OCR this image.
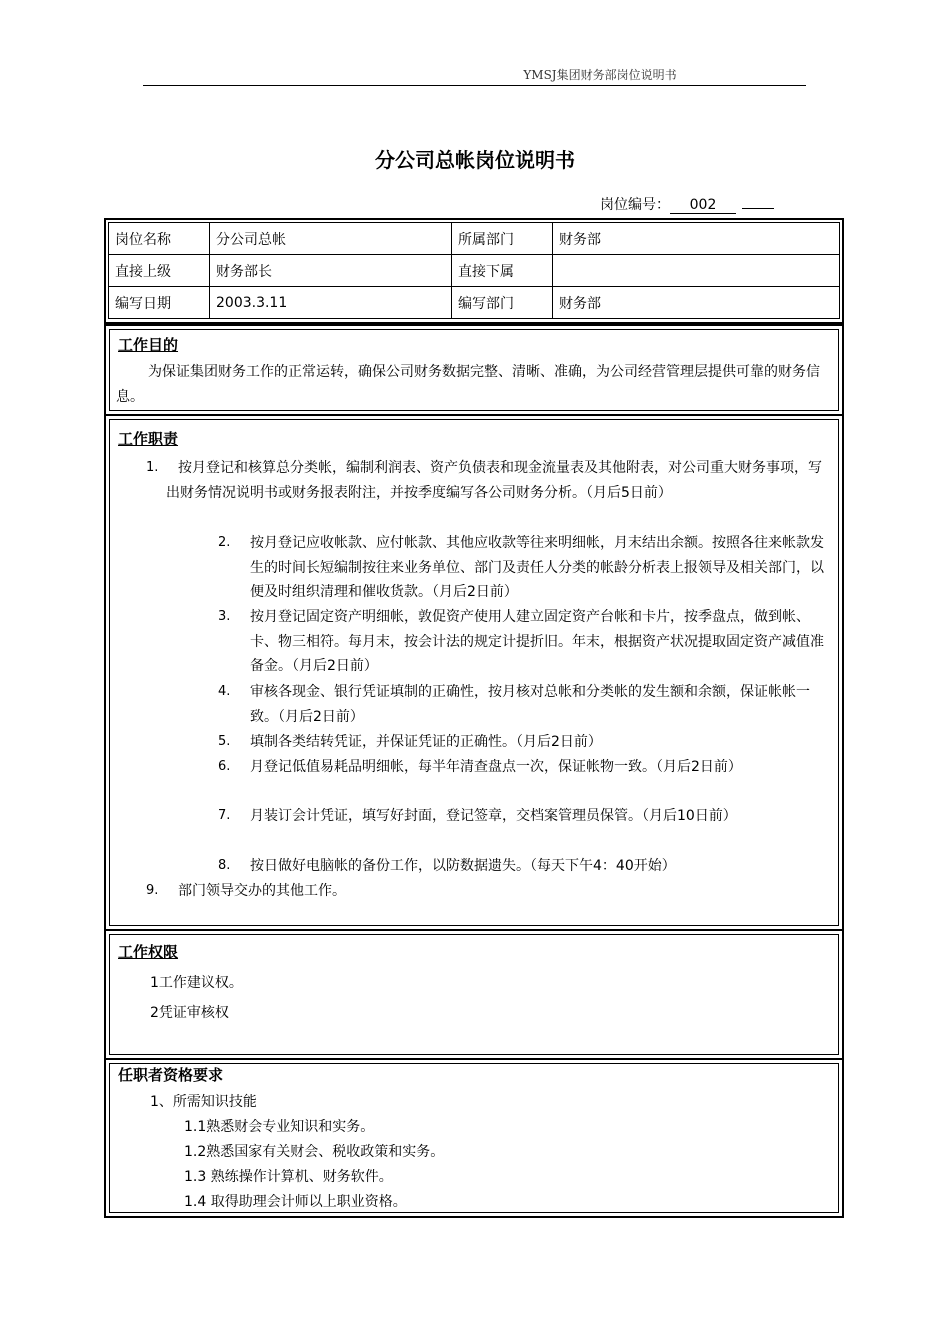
YMSJ集团财务部岗位说明书
分公司总帐岗位说明书
岗位编号： 002
岗位名称	分公司总帐	所属部门	财务部
直接上级	财务部长	直接下属	
编写日期	2003.3.11	编写部门	财务部
工作目的
为保证集团财务工作的正常运转，确保公司财务数据完整、清晰、准确，为公司经营管理层提供可靠的财务信息。
工作职责
1.	按月登记和核算总分类帐，编制利润表、资产负债表和现金流量表及其他附表，对公司重大财务事项，写出财务情况说明书或财务报表附注，并按季度编写各公司财务分析。（月后5日前）
2. 按月登记应收帐款、应付帐款、其他应收款等往来明细帐，月末结出余额。按照各往来帐款发生的时间长短编制按往来业务单位、部门及责任人分类的帐龄分析表上报领导及相关部门，以便及时组织清理和催收货款。（月后2日前）
3. 按月登记固定资产明细帐，敦促资产使用人建立固定资产台帐和卡片，按季盘点，做到帐、卡、物三相符。每月末，按会计法的规定计提折旧。年末，根据资产状况提取固定资产减值准备金。（月后2日前）
4. 审核各现金、银行凭证填制的正确性，按月核对总帐和分类帐的发生额和余额，保证帐帐一致。（月后2日前）
5. 填制各类结转凭证，并保证凭证的正确性。（月后2日前）
6. 月登记低值易耗品明细帐，每半年清查盘点一次，保证帐物一致。（月后2日前）
7. 月装订会计凭证，填写好封面，登记签章，交档案管理员保管。（月后10日前）
8. 按日做好电脑帐的备份工作，以防数据遗失。（每天下午4：40开始）
9. 部门领导交办的其他工作。
工作权限
1工作建议权。
2凭证审核权
任职者资格要求
1、所需知识技能
1.1熟悉财会专业知识和实务。
1.2熟悉国家有关财会、税收政策和实务。
1.3 熟练操作计算机、财务软件。
1.4 取得助理会计师以上职业资格。
